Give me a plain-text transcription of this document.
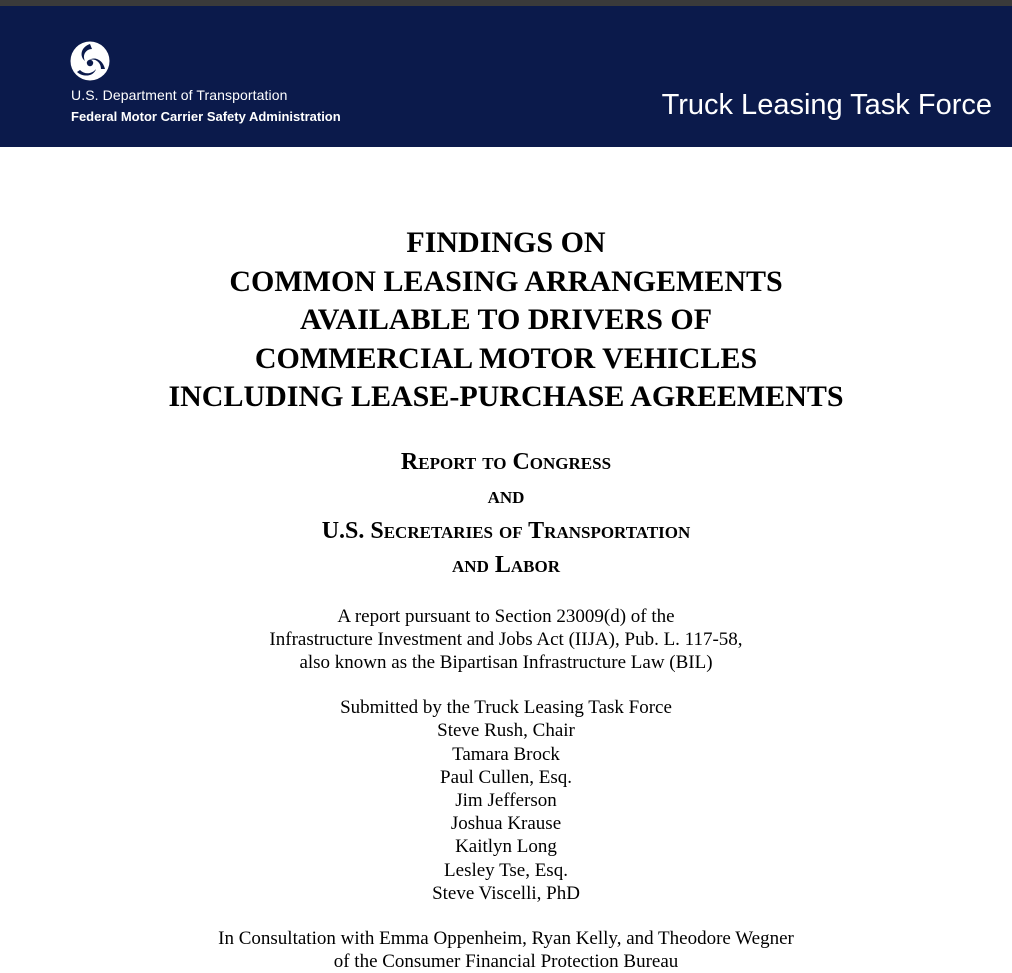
U.S. Department of Transportation
Federal Motor Carrier Safety Administration	Truck Leasing Task Force
FINDINGS ON
COMMON LEASING ARRANGEMENTS
AVAILABLE TO DRIVERS OF
COMMERCIAL MOTOR VEHICLES
INCLUDING LEASE-PURCHASE AGREEMENTS
Report to Congress
and
U.S. Secretaries of Transportation
and Labor
A report pursuant to Section 23009(d) of the
Infrastructure Investment and Jobs Act (IIJA), Pub. L. 117-58,
also known as the Bipartisan Infrastructure Law (BIL)
Submitted by the Truck Leasing Task Force
Steve Rush, Chair
Tamara Brock
Paul Cullen, Esq.
Jim Jefferson
Joshua Krause
Kaitlyn Long
Lesley Tse, Esq.
Steve Viscelli, PhD
In Consultation with Emma Oppenheim, Ryan Kelly, and Theodore Wegner
of the Consumer Financial Protection Bureau
